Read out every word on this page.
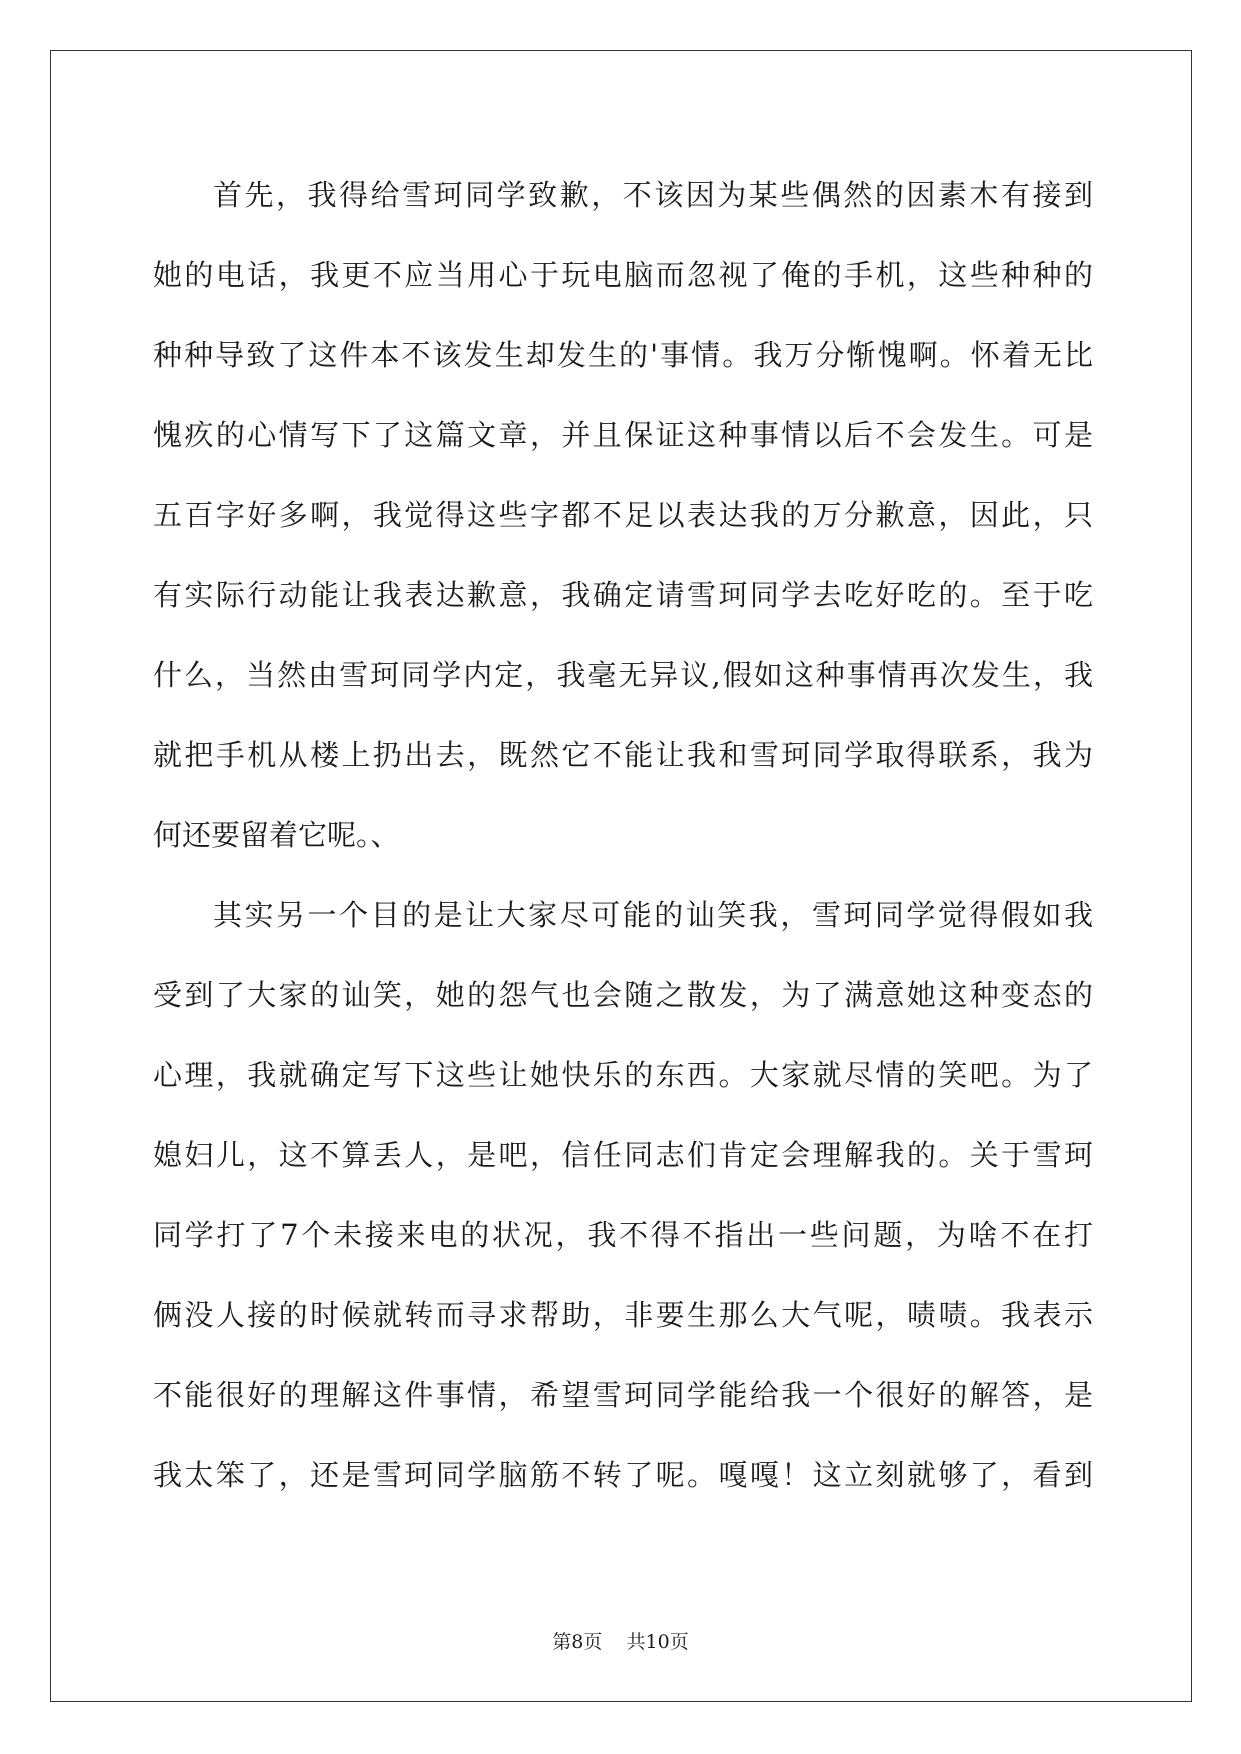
首先，我得给雪珂同学致歉，不该因为某些偶然的因素木有接到
她的电话，我更不应当用心于玩电脑而忽视了俺的手机，这些种种的
种种导致了这件本不该发生却发生的'事情。我万分惭愧啊。怀着无比
愧疚的心情写下了这篇文章，并且保证这种事情以后不会发生。可是
五百字好多啊，我觉得这些字都不足以表达我的万分歉意，因此，只
有实际行动能让我表达歉意，我确定请雪珂同学去吃好吃的。至于吃
什么，当然由雪珂同学内定，我毫无异议,假如这种事情再次发生，我
就把手机从楼上扔出去，既然它不能让我和雪珂同学取得联系，我为
何还要留着它呢。、
其实另一个目的是让大家尽可能的讪笑我，雪珂同学觉得假如我
受到了大家的讪笑，她的怨气也会随之散发，为了满意她这种变态的
心理，我就确定写下这些让她快乐的东西。大家就尽情的笑吧。为了
媳妇儿，这不算丢人，是吧，信任同志们肯定会理解我的。关于雪珂
同学打了7个未接来电的状况，我不得不指出一些问题，为啥不在打
俩没人接的时候就转而寻求帮助，非要生那么大气呢，啧啧。我表示
不能很好的理解这件事情，希望雪珂同学能给我一个很好的解答，是
我太笨了，还是雪珂同学脑筋不转了呢。嘎嘎！这立刻就够了，看到
第8页 共10页
